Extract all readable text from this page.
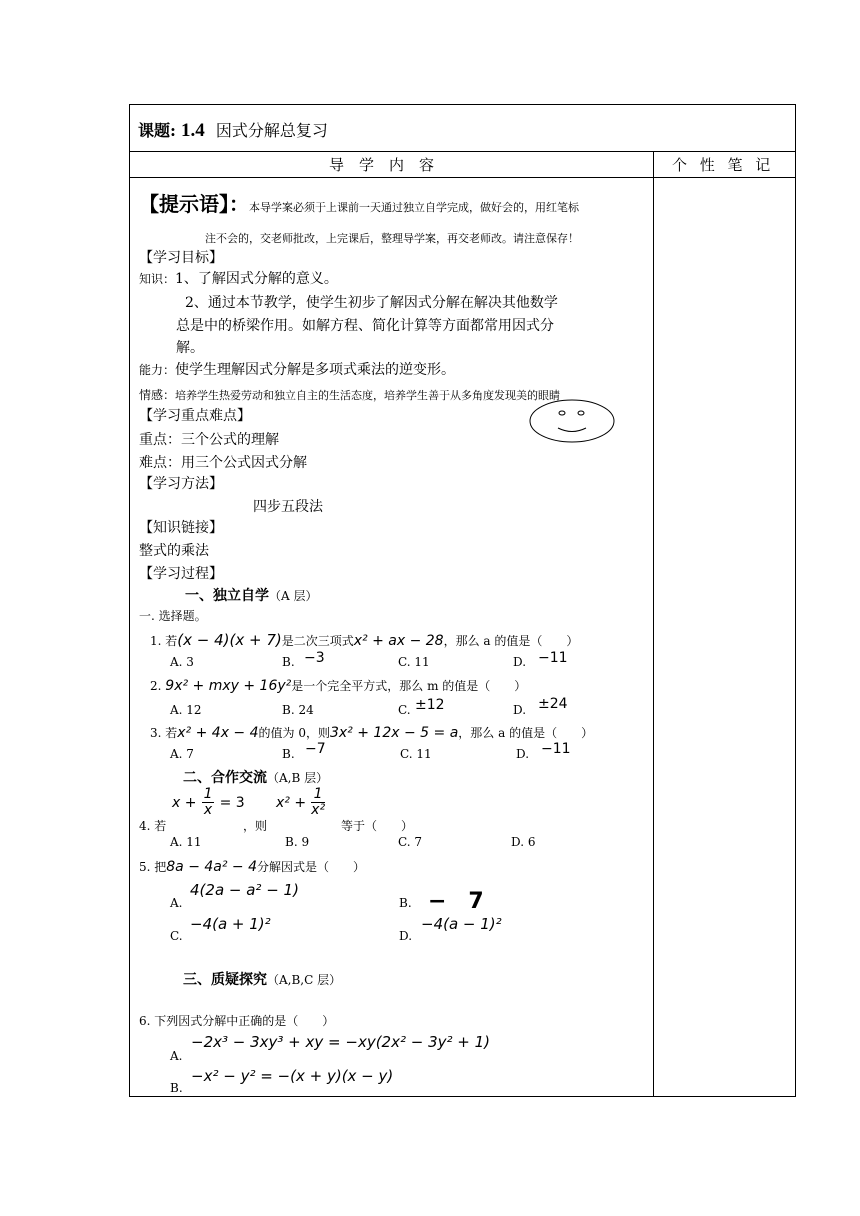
课题: 1.4 因式分解总复习
导　学　内　容	个 性 笔 记
【提示语】：本导学案必须于上课前一天通过独立自学完成，做好会的，用红笔标
注不会的，交老师批改，上完课后，整理导学案，再交老师改。请注意保存！
【学习目标】
知识：1、了解因式分解的意义。
2、通过本节教学，使学生初步了解因式分解在解决其他数学
总是中的桥梁作用。如解方程、简化计算等方面都常用因式分
解。
能力：使学生理解因式分解是多项式乘法的逆变形。
情感：培养学生热爱劳动和独立自主的生活态度，培养学生善于从多角度发现美的眼睛
【学习重点难点】
重点：三个公式的理解
难点：用三个公式因式分解
【学习方法】
四步五段法
【知识链接】
整式的乘法
【学习过程】
一、独立自学（A 层）
一. 选择题。
1. 若(x − 4)(x + 7)是二次三项式x² + ax − 28，那么 a 的值是（　　）
A. 3	B. −3	C. 11	D. −11
2. 9x² + mxy + 16y²是一个完全平方式，那么 m 的值是（　　）
A. 12	B. 24	C. ±12	D. ±24
3. 若x² + 4x − 4的值为 0，则3x² + 12x − 5 = a，那么 a 的值是（　　）
A. 7	B. −7	C. 11	D. −11
二、合作交流（A,B 层）
$x + \frac{1}{x} = 3$ $x^2 + \frac{1}{\text{x²}}$
4. 若	，则	等于（　　）
A. 11	B. 9	C. 7	D. 6
5. 把8a − 4a² − 4分解因式是（　　）
A.
4(2a − a² − 1)
B. −　7
C.
−4(a + 1)²
D.
−4(a − 1)²
三、质疑探究（A,B,C 层）
6. 下列因式分解中正确的是（　　）
A.
−2x³ − 3xy³ + xy = −xy(2x² − 3y² + 1)
B.
−x² − y² = −(x + y)(x − y)
